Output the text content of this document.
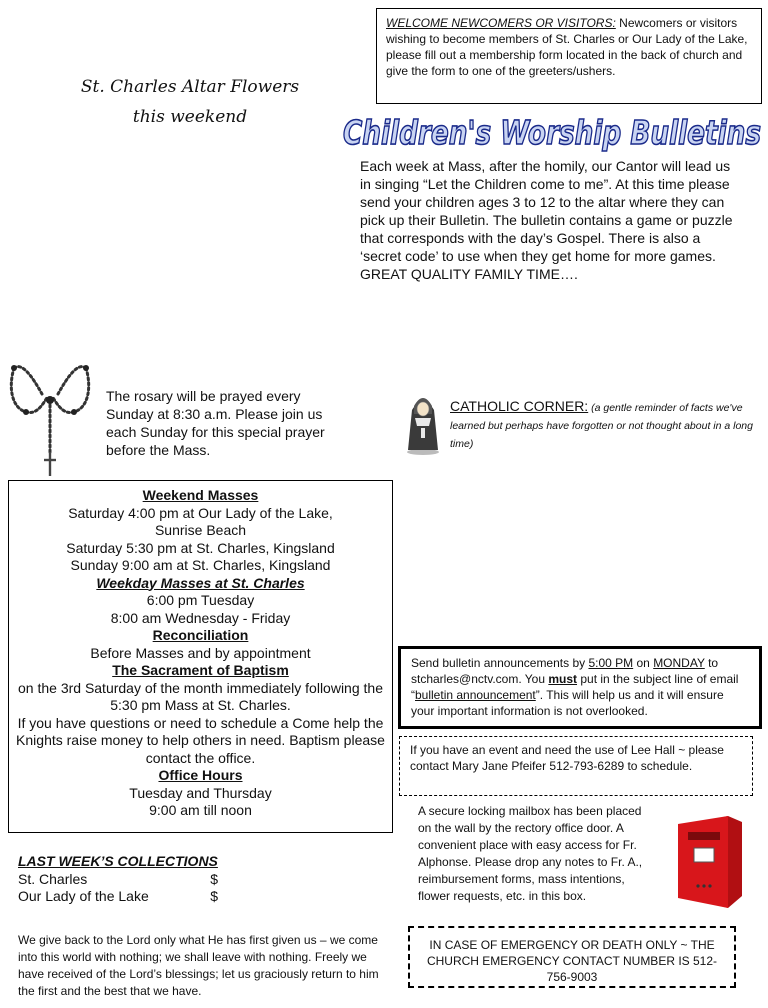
WELCOME NEWCOMERS OR VISITORS: Newcomers or visitors wishing to become members of St. Charles or Our Lady of the Lake, please fill out a membership form located in the back of church and give the form to one of the greeters/ushers.
St. Charles Altar Flowers
this weekend	Children's Worship Bulletins
Each week at Mass, after the homily, our Cantor will lead us in singing “Let the Children come to me”. At this time please send your children ages 3 to 12 to the altar where they can pick up their Bulletin. The bulletin contains a game or puzzle that corresponds with the day’s Gospel. There is also a ‘secret code’ to use when they get home for more games. GREAT QUALITY FAMILY TIME….
The rosary will be prayed every Sunday at 8:30 a.m. Please join us each Sunday for this special prayer before the Mass.
CATHOLIC CORNER: (a gentle reminder of facts we've learned but perhaps have forgotten or not thought about in a long time)
Weekend Masses
Saturday 4:00 pm at Our Lady of the Lake,
Sunrise Beach
Saturday 5:30 pm at St. Charles, Kingsland
Sunday 9:00 am at St. Charles, Kingsland
Weekday Masses at St. Charles
6:00 pm Tuesday
8:00 am Wednesday - Friday
Reconciliation
Before Masses and by appointment
The Sacrament of Baptism
on the 3rd Saturday of the month immediately following the 5:30 pm Mass at St. Charles.
If you have questions or need to schedule a Come help the Knights raise money to help others in need. Baptism please contact the office.
Office Hours
Tuesday and Thursday
9:00 am till noon
Send bulletin announcements by 5:00 PM on MONDAY to stcharles@nctv.com. You must put in the subject line of email “bulletin announcement”. This will help us and it will ensure your important information is not overlooked.
If you have an event and need the use of Lee Hall ~ please contact Mary Jane Pfeifer 512-793-6289 to schedule.
A secure locking mailbox has been placed on the wall by the rectory office door. A convenient place with easy access for Fr. Alphonse. Please drop any notes to Fr. A., reimbursement forms, mass intentions, flower requests, etc. in this box.
LAST WEEK’S COLLECTIONS
St. Charles	$
Our Lady of the Lake	$
We give back to the Lord only what He has first given us – we come into this world with nothing; we shall leave with nothing. Freely we have received of the Lord’s blessings; let us graciously return to him the first and the best that we have.
IN CASE OF EMERGENCY OR DEATH ONLY ~ THE CHURCH EMERGENCY CONTACT NUMBER IS 512-756-9003
